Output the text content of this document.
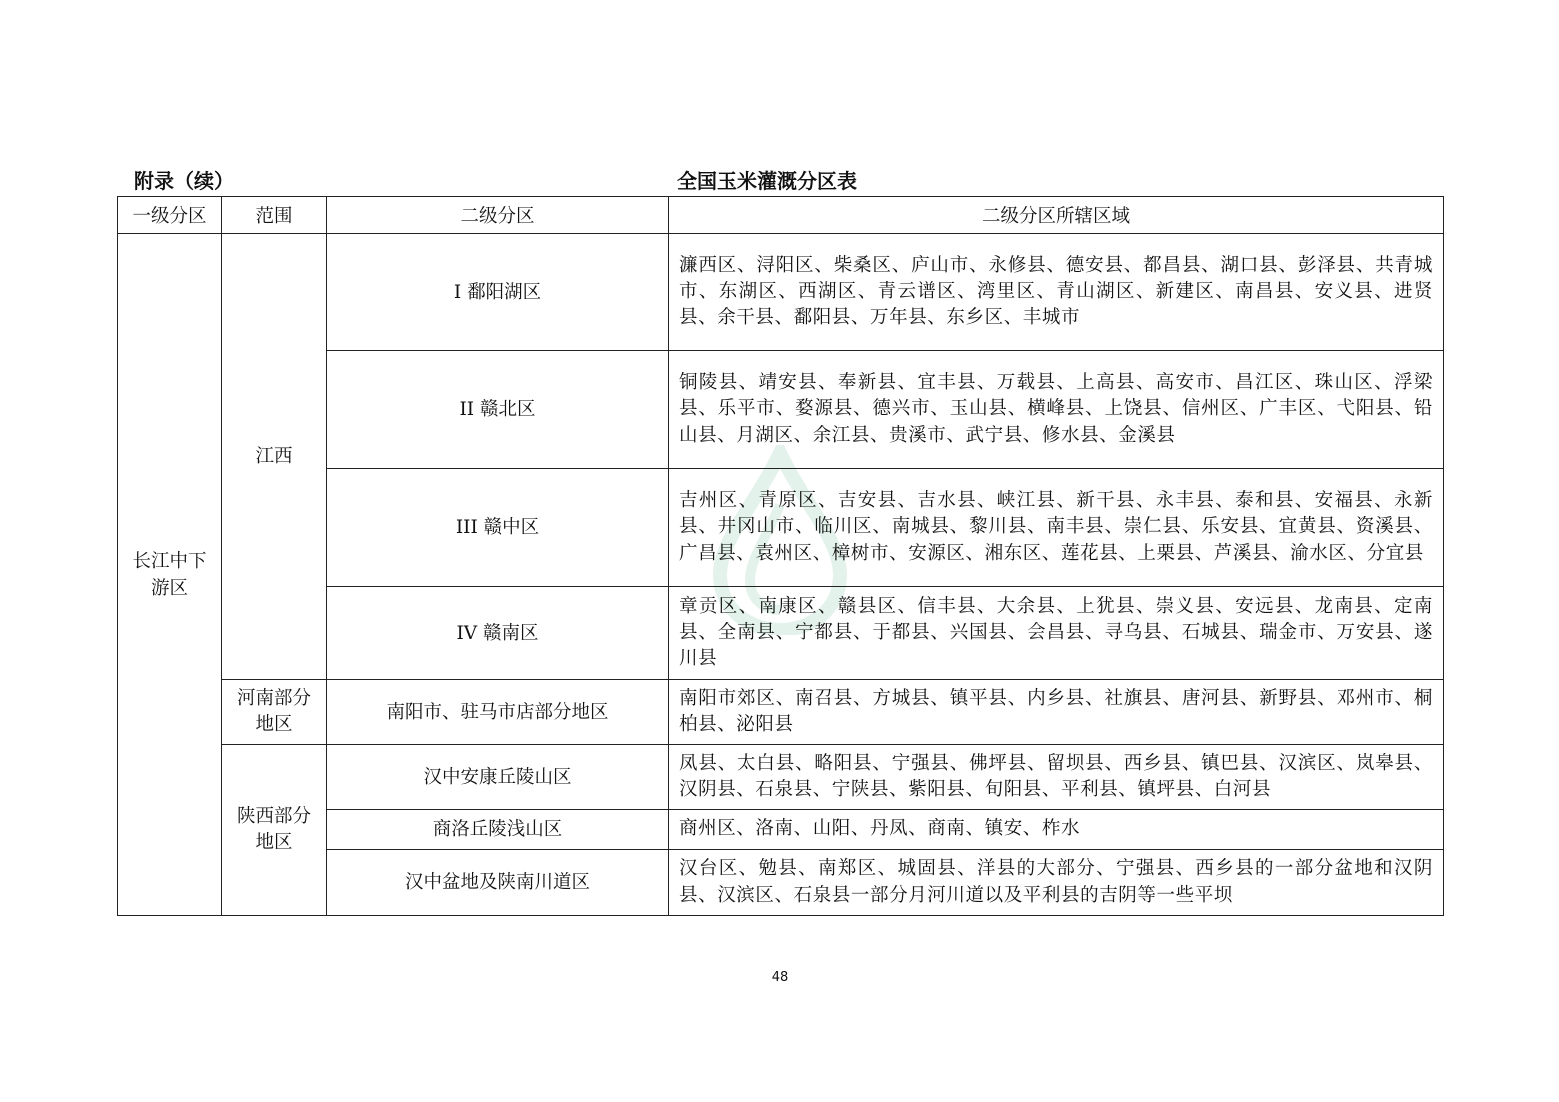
附录（续）	全国玉米灌溉分区表
一级分区	范围	二级分区	二级分区所辖区域

长江中下游区	江西	I 鄱阳湖区	濂西区、浔阳区、柴桑区、庐山市、永修县、德安县、都昌县、湖口县、彭泽县、共青城市、东湖区、西湖区、青云谱区、湾里区、青山湖区、新建区、南昌县、安义县、进贤县、余干县、鄱阳县、万年县、东乡区、丰城市
		II 赣北区	铜陵县、靖安县、奉新县、宜丰县、万载县、上高县、高安市、昌江区、珠山区、浮梁县、乐平市、婺源县、德兴市、玉山县、横峰县、上饶县、信州区、广丰区、弋阳县、铅山县、月湖区、余江县、贵溪市、武宁县、修水县、金溪县
		III 赣中区	吉州区、青原区、吉安县、吉水县、峡江县、新干县、永丰县、泰和县、安福县、永新县、井冈山市、临川区、南城县、黎川县、南丰县、崇仁县、乐安县、宜黄县、资溪县、广昌县、袁州区、樟树市、安源区、湘东区、莲花县、上栗县、芦溪县、渝水区、分宜县
		IV 赣南区	章贡区、南康区、赣县区、信丰县、大余县、上犹县、崇义县、安远县、龙南县、定南县、全南县、宁都县、于都县、兴国县、会昌县、寻乌县、石城县、瑞金市、万安县、遂川县

	河南部分地区	南阳市、驻马市店部分地区	南阳市郊区、南召县、方城县、镇平县、内乡县、社旗县、唐河县、新野县、邓州市、桐柏县、泌阳县

	陕西部分地区	汉中安康丘陵山区	凤县、太白县、略阳县、宁强县、佛坪县、留坝县、西乡县、镇巴县、汉滨区、岚皋县、汉阴县、石泉县、宁陕县、紫阳县、旬阳县、平利县、镇坪县、白河县
		商洛丘陵浅山区	商州区、洛南、山阳、丹凤、商南、镇安、柞水
		汉中盆地及陕南川道区	汉台区、勉县、南郑区、城固县、洋县的大部分、宁强县、西乡县的一部分盆地和汉阴县、汉滨区、石泉县一部分月河川道以及平利县的吉阴等一些平坝
48
